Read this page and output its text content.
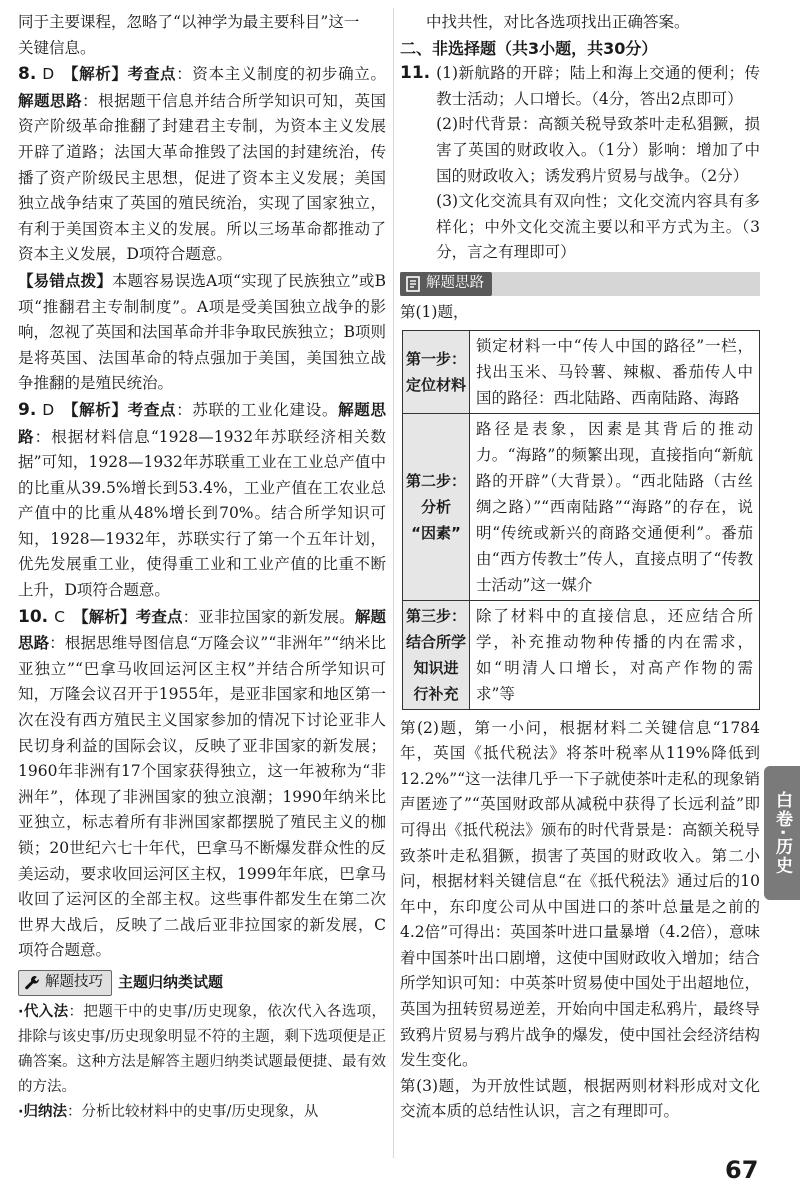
同于主要课程，忽略了“以神学为最主要科目”这一
关键信息。

8. D 【解析】考查点：资本主义制度的初步确立。解题思路：根据题干信息并结合所学知识可知，英国资产阶级革命推翻了封建君主专制，为资本主义发展开辟了道路；法国大革命推毁了法国的封建统治，传播了资产阶级民主思想，促进了资本主义发展；美国独立战争结束了英国的殖民统治，实现了国家独立，有利于美国资本主义的发展。所以三场革命都推动了资本主义发展，D项符合题意。

【易错点拨】本题容易误选A项“实现了民族独立”或B项“推翻君主专制制度”。A项是受美国独立战争的影响，忽视了英国和法国革命并非争取民族独立；B项则是将英国、法国革命的特点强加于美国，美国独立战争推翻的是殖民统治。

9. D 【解析】考查点：苏联的工业化建设。解题思路：根据材料信息“1928—1932年苏联经济相关数据”可知，1928—1932年苏联重工业在工业总产值中的比重从39.5%增长到53.4%，工业产值在工农业总产值中的比重从48%增长到70%。结合所学知识可知，1928—1932年，苏联实行了第一个五年计划，优先发展重工业，使得重工业和工业产值的比重不断上升，D项符合题意。

10. C 【解析】考查点：亚非拉国家的新发展。解题思路：根据思维导图信息“万隆会议”“非洲年”“纳米比亚独立”“巴拿马收回运河区主权”并结合所学知识可知，万隆会议召开于1955年，是亚非国家和地区第一次在没有西方殖民主义国家参加的情况下讨论亚非人民切身利益的国际会议，反映了亚非国家的新发展；1960年非洲有17个国家获得独立，这一年被称为“非洲年”，体现了非洲国家的独立浪潮；1990年纳米比亚独立，标志着所有非洲国家都摆脱了殖民主义的枷锁；20世纪六七十年代，巴拿马不断爆发群众性的反美运动，要求收回运河区主权，1999年年底，巴拿马收回了运河区的全部主权。这些事件都发生在第二次世界大战后，反映了二战后亚非拉国家的新发展，C项符合题意。

解题技巧 主题归纳类试题

·代入法：把题干中的史事/历史现象，依次代入各选项，排除与该史事/历史现象明显不符的主题，剩下选项便是正确答案。这种方法是解答主题归纳类试题最便捷、最有效的方法。

·归纳法：分析比较材料中的史事/历史现象，从

中找共性，对比各选项找出正确答案。

二、非选择题（共3小题，共30分）

11. (1)新航路的开辟；陆上和海上交通的便利；传教士活动；人口增长。（4分，答出2点即可）

(2)时代背景：高额关税导致茶叶走私猖獗，损害了英国的财政收入。（1分）影响：增加了中国的财政收入；诱发鸦片贸易与战争。（2分）

(3)文化交流具有双向性；文化交流内容具有多样化；中外文化交流主要以和平方式为主。（3分，言之有理即可）

解题思路

第(1)题，

第一步：
定位材料	锁定材料一中“传人中国的路径”一栏，找出玉米、马铃薯、辣椒、番茄传人中国的路径：西北陆路、西南陆路、海路
第二步：
分析
“因素”	路径是表象，因素是其背后的推动力。“海路”的频繁出现，直接指向“新航路的开辟”（大背景）。“西北陆路（古丝绸之路）”“西南陆路”“海路”的存在，说明“传统或新兴的商路交通便利”。番茄由“西方传教士”传人，直接点明了“传教士活动”这一媒介
第三步：
结合所学
知识进
行补充	除了材料中的直接信息，还应结合所学，补充推动物种传播的内在需求，如“明清人口增长，对高产作物的需求”等

第(2)题，第一小问，根据材料二关键信息“1784年，英国《抵代税法》将茶叶税率从119%降低到12.2%”“这一法律几乎一下子就使茶叶走私的现象销声匿迹了”“英国财政部从减税中获得了长远利益”即可得出《抵代税法》颁布的时代背景是：高额关税导致茶叶走私猖獗，损害了英国的财政收入。第二小问，根据材料关键信息“在《抵代税法》通过后的10年中，东印度公司从中国进口的茶叶总量是之前的4.2倍”可得出：英国茶叶进口量暴增（4.2倍），意味着中国茶叶出口剧增，这使中国财政收入增加；结合所学知识可知：中英茶叶贸易使中国处于出超地位，英国为扭转贸易逆差，开始向中国走私鸦片，最终导致鸦片贸易与鸦片战争的爆发，使中国社会经济结构发生变化。

第(3)题，为开放性试题，根据两则材料形成对文化交流本质的总结性认识，言之有理即可。

白卷·历史
67
